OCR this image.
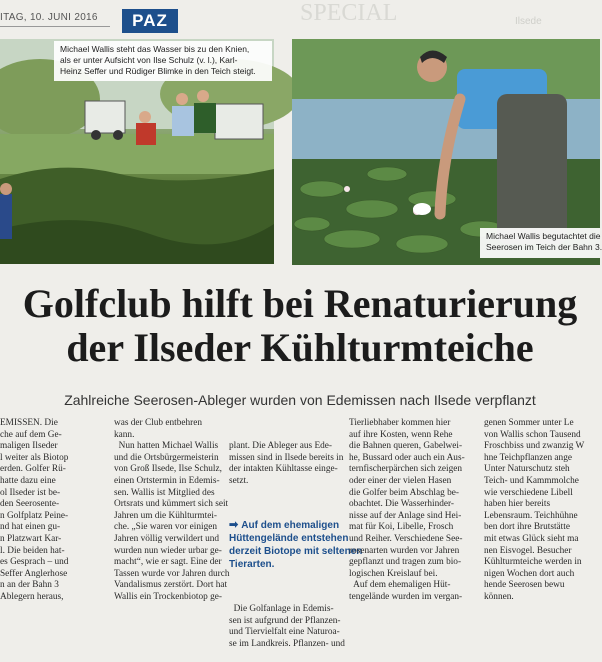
ITAG, 10. JUNI 2016	PAZ	SPECIAL	Ilsede
Michael Wallis steht das Wasser bis zu den Knien,
als er unter Aufsicht von Ilse Schulz (v. l.), Karl-
Heinz Seffer und Rüdiger Blimke in den Teich steigt.
Michael Wallis begutachtet die
Seerosen im Teich der Bahn 3.
Golfclub hilft bei Renaturierung
der Ilseder Kühlturmteiche
Zahlreiche Seerosen-Ableger wurden von Edemissen nach Ilsede verpflanzt
EMISSEN. Die
che auf dem Ge-
maligen Ilseder
l weiter als Biotop
erden. Golfer Rü-
hatte dazu eine
ol Ilseder ist be-
den Seerosente-
n Golfplatz Peine-
nd hat einen gu-
n Platzwart Kar-
l. Die beiden hat-
es Gesprach – und
Seffer Anglerhose
n an der Bahn 3
Ablegern heraus,
was der Club entbehren
kann.
Nun hatten Michael Wallis
und die Ortsbürgermeisterin
von Groß Ilsede, Ilse Schulz,
einen Ortstermin in Edemis-
sen. Wallis ist Mitglied des
Ortsrats und kümmert sich seit
Jahren um die Kühlturmtei-
che. „Sie waren vor einigen
Jahren völlig verwildert und
wurden nun wieder urbar ge-
macht“, wie er sagt. Eine der
Tassen wurde vor Jahren durch
Vandalismus zerstört. Dort hat
Wallis ein Trockenbiotop ge-

plant. Die Ableger aus Ede-
missen sind in Ilsede bereits in
der intakten Kühltasse einge-
setzt.

➡ Auf dem ehemaligen
Hüttengelände entstehen
derzeit Biotope mit seltenen
Tierarten.

Die Golfanlage in Edemis-
sen ist aufgrund der Pflanzen-
und Tiervielfalt eine Naturoa-
se im Landkreis. Pflanzen- und

Tierliebhaber kommen hier
auf ihre Kosten, wenn Rehe
die Bahnen queren, Gabelwei-
he, Bussard oder auch ein Aus-
ternfischerpärchen sich zeigen
oder einer der vielen Hasen
die Golfer beim Abschlag be-
obachtet. Die Wasserhinder-
nisse auf der Anlage sind Hei-
mat für Koi, Libelle, Frosch
und Reiher. Verschiedene See-
rosenarten wurden vor Jahren
gepflanzt und tragen zum bio-
logischen Kreislauf bei.
Auf dem ehemaligen Hüt-
tengelände wurden im vergan-
genen Sommer unter Le
von Wallis schon Tausend
Froschbiss und zwanzig W
hne Teichpflanzen ange
Unter Naturschutz steh
Teich- und Kammmolche
wie verschiedene Libell
haben hier bereits
Lebensraum. Teichhühne
ben dort ihre Brutstätte
mit etwas Glück sieht ma
nen Eisvogel. Besucher
Kühlturmteiche werden in
nigen Wochen dort auch
hende Seerosen bewu
können.
